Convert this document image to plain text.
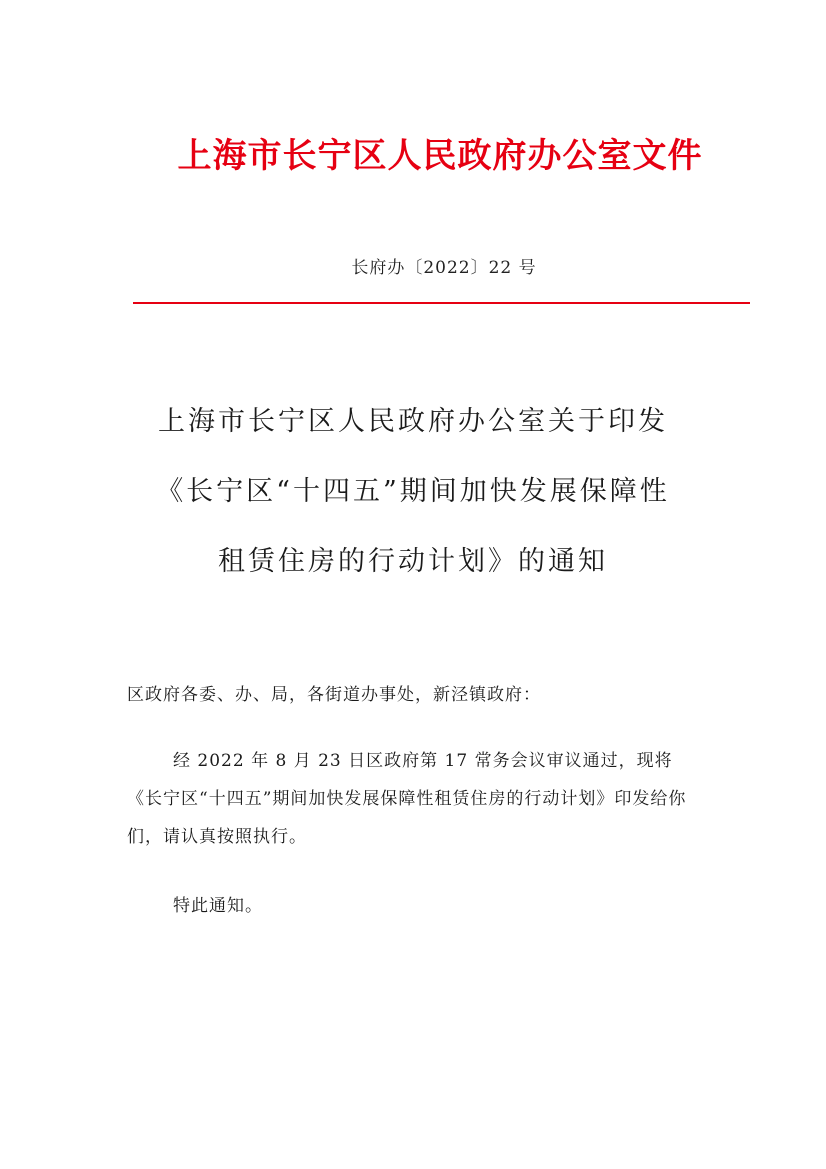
上海市长宁区人民政府办公室文件
长府办〔2022〕22 号
上海市长宁区人民政府办公室关于印发
《长宁区“十四五”期间加快发展保障性
租赁住房的行动计划》的通知
区政府各委、办、局，各街道办事处，新泾镇政府：
经 2022 年 8 月 23 日区政府第 17 常务会议审议通过，现将《长宁区“十四五”期间加快发展保障性租赁住房的行动计划》印发给你们，请认真按照执行。
特此通知。
